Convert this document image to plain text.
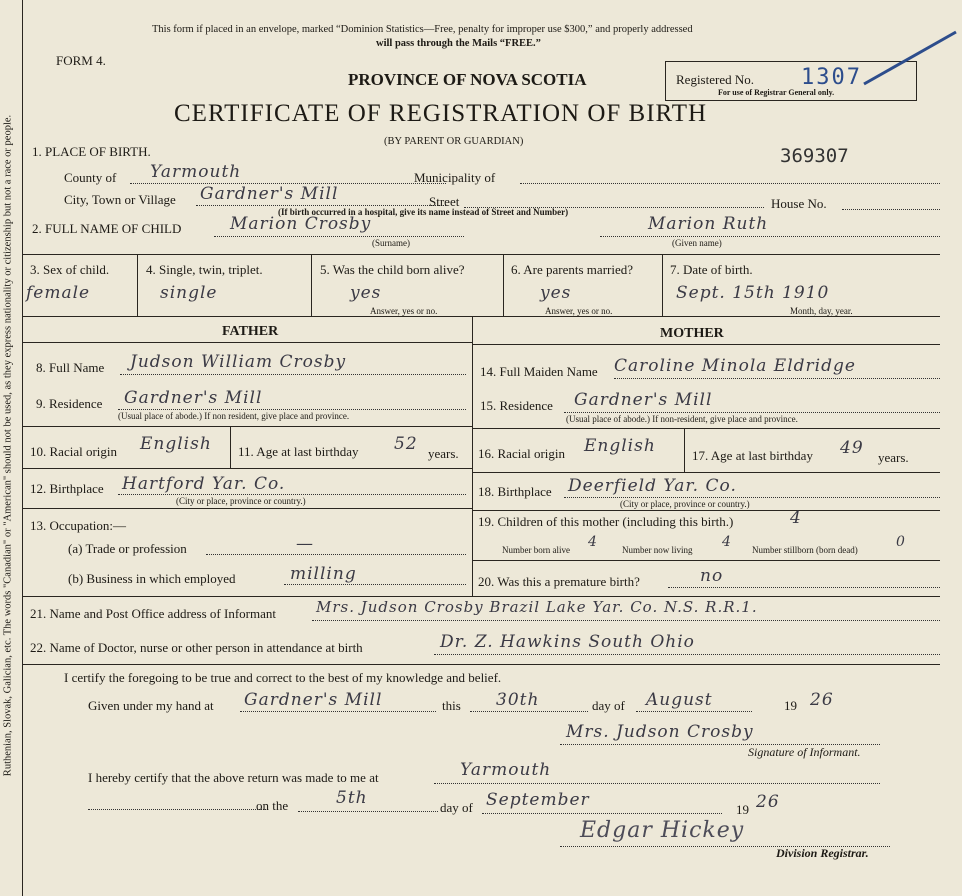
Ruthenian, Slovak, Galician, etc. The words "Canadian" or "American" should not be used, as they express nationality or citizenship but not a race or people.
This form if placed in an envelope, marked “Dominion Statistics—Free, penalty for improper use $300,” and properly addressed
will pass through the Mails “FREE.”
FORM 4.
PROVINCE OF NOVA SCOTIA
CERTIFICATE OF REGISTRATION OF BIRTH
(BY PARENT OR GUARDIAN)
Registered No. 1307
For use of Registrar General only.
369307
1. PLACE OF BIRTH.
County of Yarmouth	Municipality of
City, Town or Village Gardner's Mill	Street	House No.
(If birth occurred in a hospital, give its name instead of Street and Number)
2. FULL NAME OF CHILD	Marion Crosby
(Surname)
Marion Ruth
(Given name)
3. Sex of child.
female
4. Single, twin, triplet.
single
5. Was the child born alive?
yes
Answer, yes or no.
6. Are parents married?
yes
Answer, yes or no.
7. Date of birth.
Sept. 15th 1910
Month, day, year.
FATHER	MOTHER
8. Full Name Judson William Crosby
9. Residence Gardner's Mill
(Usual place of abode.) If non resident, give place and province.
10. Racial origin English 11. Age at last birthday 52 years.
12. Birthplace Hartford Yar. Co.
(City or place, province or country.)
13. Occupation:—
(a) Trade or profession	—
(b) Business in which employed	milling
14. Full Maiden Name Caroline Minola Eldridge
15. Residence Gardner's Mill
(Usual place of abode.) If non-resident, give place and province.
16. Racial origin English	17. Age at last birthday 49 years.
18. Birthplace Deerfield Yar. Co.
(City or place, province or country.)
19. Children of this mother (including this birth.)	4
Number born alive 4	Number now living 4 Number stillborn (born dead)	0
20. Was this a premature birth?	no
21. Name and Post Office address of Informant	Mrs. Judson Crosby Brazil Lake Yar. Co. N.S. R.R.1.
22. Name of Doctor, nurse or other person in attendance at birth	Dr. Z. Hawkins South Ohio
I certify the foregoing to be true and correct to the best of my knowledge and belief.
Given under my hand at Gardner's Mill	this 30th	day of August	19 26
Mrs. Judson Crosby
Signature of Informant.
I hereby certify that the above return was made to me at	Yarmouth
on the	5th	day of September	19 26
Edgar Hickey
Division Registrar.
